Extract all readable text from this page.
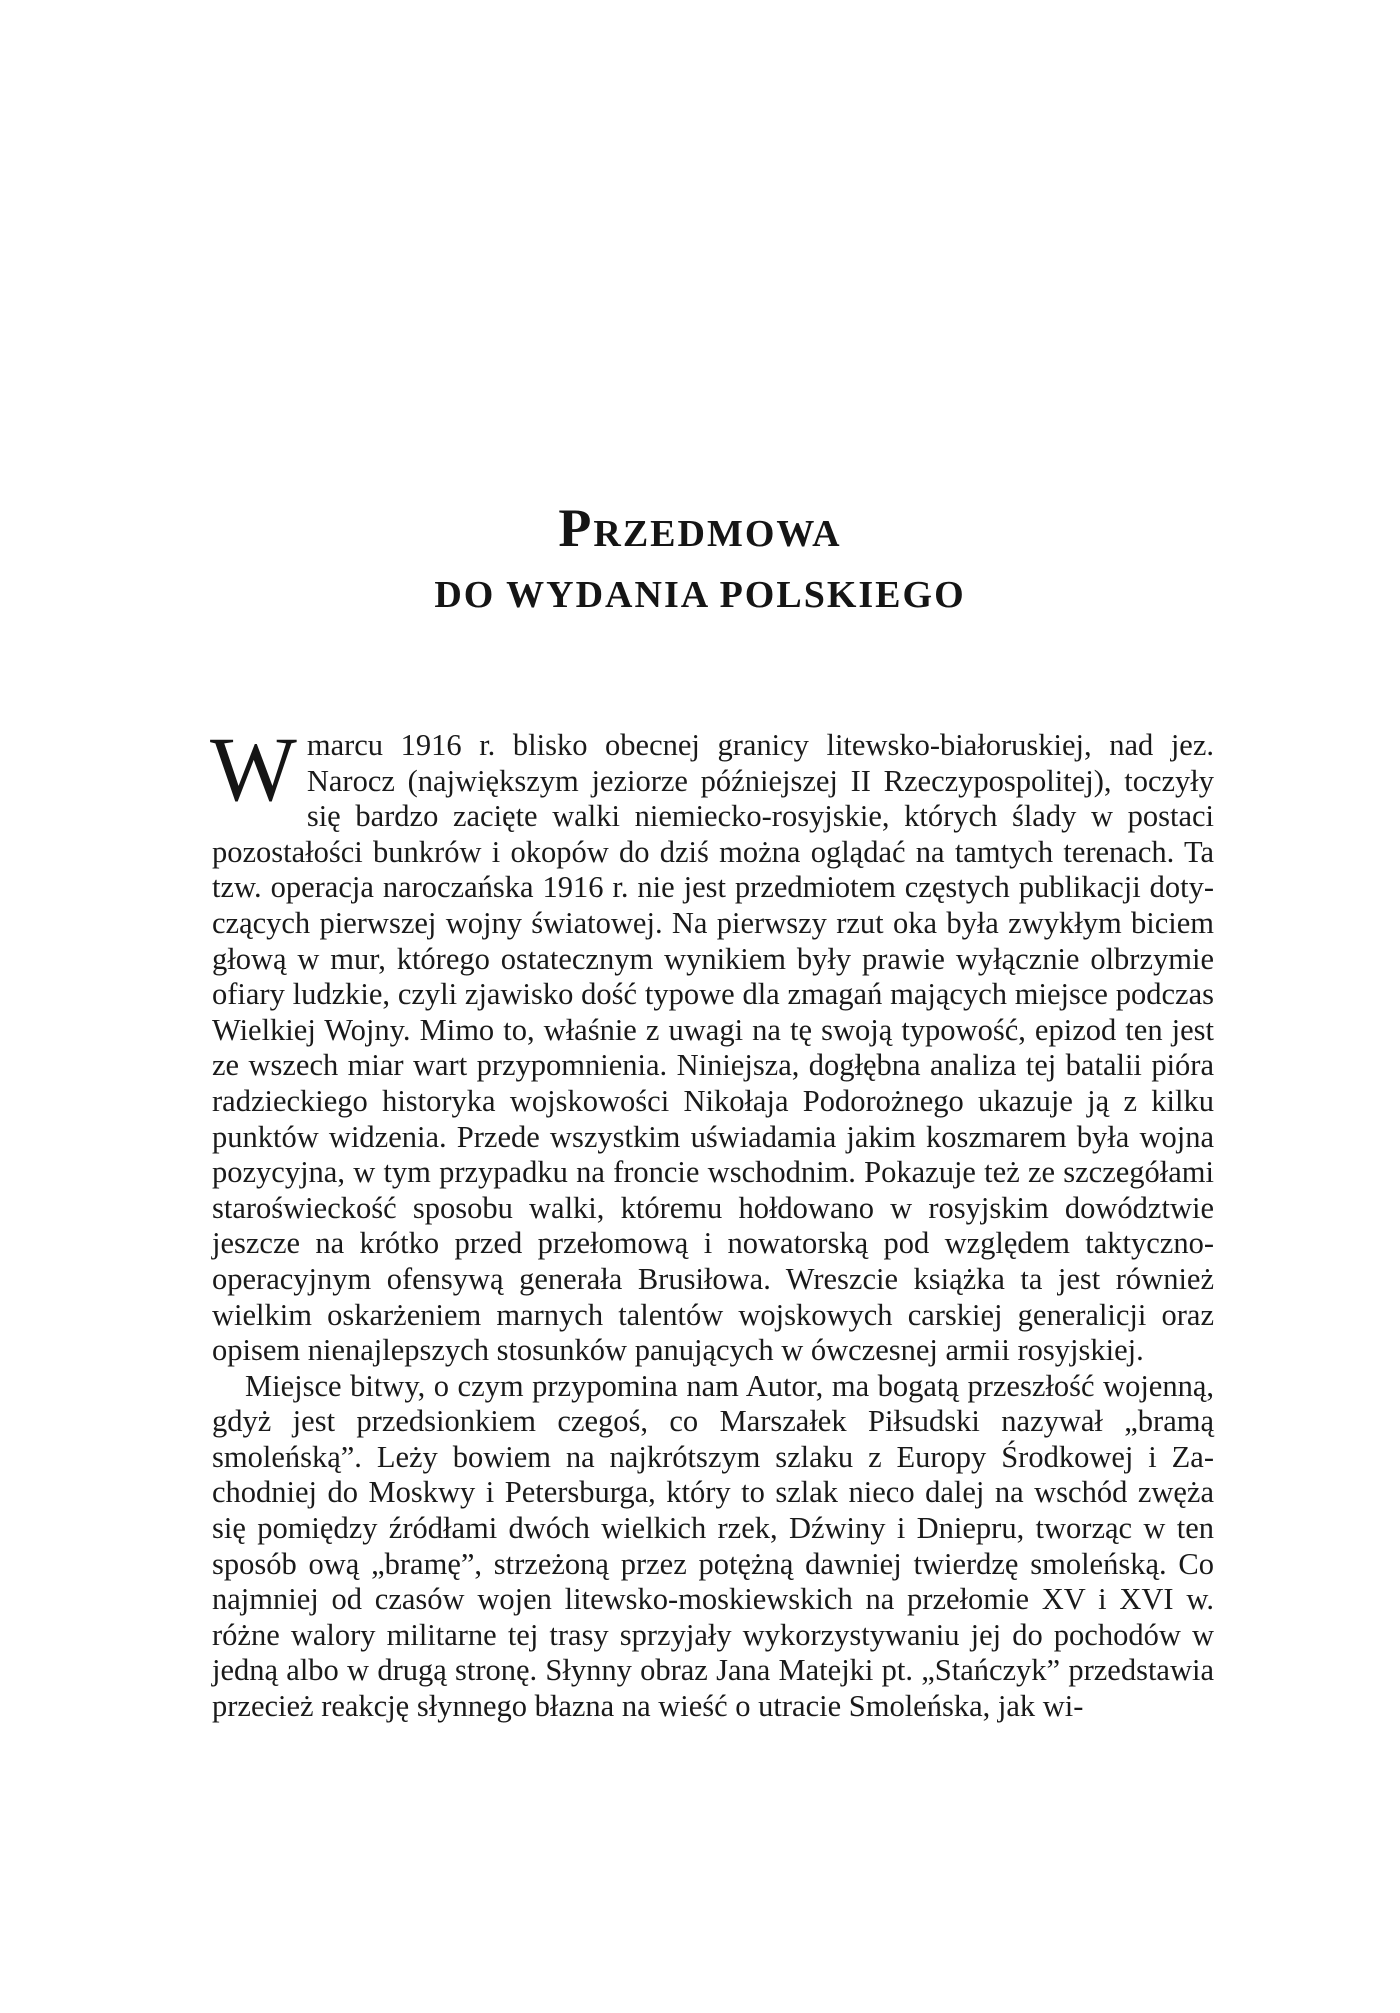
Przedmowa
DO WYDANIA POLSKIEGO

Wmarcu 1916 r. blisko obecnej granicy litewsko-białoruskiej, nad jez. Narocz (największym jeziorze późniejszej II Rzeczypospolitej), toczyły się bardzo zacięte walki niemiecko-rosyjskie, których ślady w postaci pozostałości bunkrów i okopów do dziś można oglądać na tamtych terenach. Ta tzw. operacja naroczańska 1916 r. nie jest przedmiotem częstych publikacji dotyczących pierwszej wojny światowej. Na pierwszy rzut oka była zwykłym biciem głową w mur, którego ostatecznym wynikiem były prawie wyłącznie olbrzymie ofiary ludzkie, czyli zjawisko dość typowe dla zmagań mających miejsce podczas Wielkiej Wojny. Mimo to, właśnie z uwagi na tę swoją typowość, epizod ten jest ze wszech miar wart przypomnienia. Niniejsza, dogłębna analiza tej batalii pióra radzieckiego historyka wojskowości Nikołaja Podorożnego ukazuje ją z kilku punktów widzenia. Przede wszystkim uświadamia jakim koszmarem była wojna pozycyjna, w tym przypadku na froncie wschodnim. Pokazuje też ze szczegółami staroświeckość sposobu walki, któremu hołdowano w rosyjskim dowództwie jeszcze na krótko przed przełomową i nowatorską pod względem taktyczno-operacyjnym ofensywą generała Brusiłowa. Wreszcie książka ta jest również wielkim oskarżeniem marnych talentów wojskowych carskiej generalicji oraz opisem nienajlepszych stosunków panujących w ówczesnej armii rosyjskiej.

Miejsce bitwy, o czym przypomina nam Autor, ma bogatą przeszłość wojenną, gdyż jest przedsionkiem czegoś, co Marszałek Piłsudski nazywał „bramą smoleńską”. Leży bowiem na najkrótszym szlaku z Europy Środkowej i Zachodniej do Moskwy i Petersburga, który to szlak nieco dalej na wschód zwęża się pomiędzy źródłami dwóch wielkich rzek, Dźwiny i Dniepru, tworząc w ten sposób ową „bramę”, strzeżoną przez potężną dawniej twierdzę smoleńską. Co najmniej od czasów wojen litewsko-moskiewskich na przełomie XV i XVI w. różne walory militarne tej trasy sprzyjały wykorzystywaniu jej do pochodów w jedną albo w drugą stronę. Słynny obraz Jana Matejki pt. „Stańczyk” przedstawia przecież reakcję słynnego błazna na wieść o utracie Smoleńska, jak wi-
